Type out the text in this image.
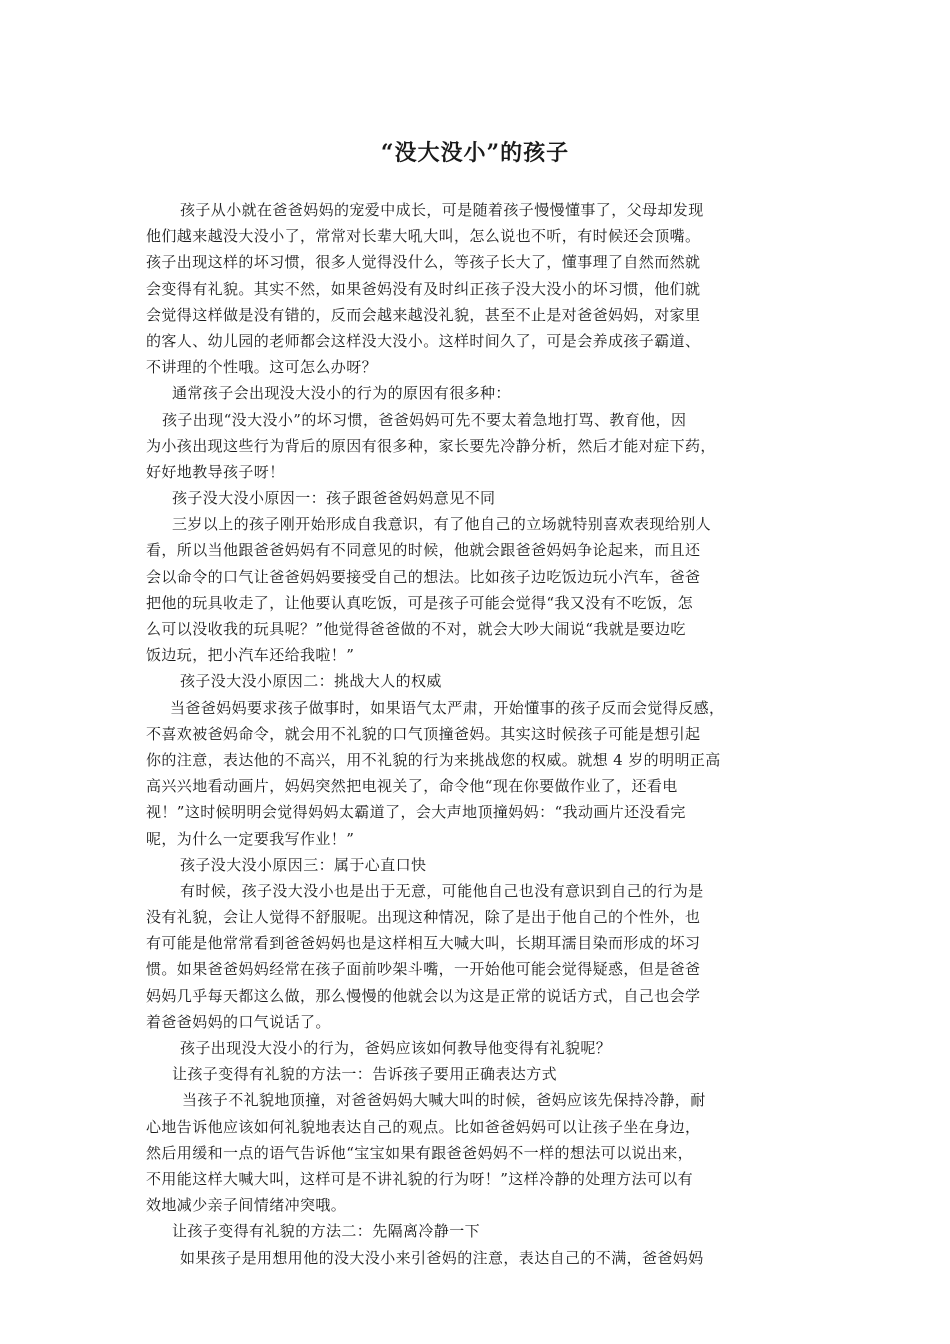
“没大没小”的孩子
孩子从小就在爸爸妈妈的宠爱中成长，可是随着孩子慢慢懂事了，父母却发现
他们越来越没大没小了，常常对长辈大吼大叫，怎么说也不听，有时候还会顶嘴。
孩子出现这样的坏习惯，很多人觉得没什么，等孩子长大了，懂事理了自然而然就
会变得有礼貌。其实不然，如果爸妈没有及时纠正孩子没大没小的坏习惯，他们就
会觉得这样做是没有错的，反而会越来越没礼貌，甚至不止是对爸爸妈妈，对家里
的客人、幼儿园的老师都会这样没大没小。这样时间久了，可是会养成孩子霸道、
不讲理的个性哦。这可怎么办呀？
通常孩子会出现没大没小的行为的原因有很多种：
孩子出现“没大没小”的坏习惯，爸爸妈妈可先不要太着急地打骂、教育他，因
为小孩出现这些行为背后的原因有很多种，家长要先冷静分析，然后才能对症下药，
好好地教导孩子呀！
孩子没大没小原因一：孩子跟爸爸妈妈意见不同
三岁以上的孩子刚开始形成自我意识，有了他自己的立场就特别喜欢表现给别人
看，所以当他跟爸爸妈妈有不同意见的时候，他就会跟爸爸妈妈争论起来，而且还
会以命令的口气让爸爸妈妈要接受自己的想法。比如孩子边吃饭边玩小汽车，爸爸
把他的玩具收走了，让他要认真吃饭，可是孩子可能会觉得“我又没有不吃饭，怎
么可以没收我的玩具呢？”他觉得爸爸做的不对，就会大吵大闹说“我就是要边吃
饭边玩，把小汽车还给我啦！”
孩子没大没小原因二：挑战大人的权威
当爸爸妈妈要求孩子做事时，如果语气太严肃，开始懂事的孩子反而会觉得反感，
不喜欢被爸妈命令，就会用不礼貌的口气顶撞爸妈。其实这时候孩子可能是想引起
你的注意，表达他的不高兴，用不礼貌的行为来挑战您的权威。就想 4 岁的明明正高
高兴兴地看动画片，妈妈突然把电视关了，命令他“现在你要做作业了，还看电
视！”这时候明明会觉得妈妈太霸道了，会大声地顶撞妈妈：“我动画片还没看完
呢，为什么一定要我写作业！”
孩子没大没小原因三：属于心直口快
有时候，孩子没大没小也是出于无意，可能他自己也没有意识到自己的行为是
没有礼貌，会让人觉得不舒服呢。出现这种情况，除了是出于他自己的个性外，也
有可能是他常常看到爸爸妈妈也是这样相互大喊大叫，长期耳濡目染而形成的坏习
惯。如果爸爸妈妈经常在孩子面前吵架斗嘴，一开始他可能会觉得疑惑，但是爸爸
妈妈几乎每天都这么做，那么慢慢的他就会以为这是正常的说话方式，自己也会学
着爸爸妈妈的口气说话了。
孩子出现没大没小的行为，爸妈应该如何教导他变得有礼貌呢？
让孩子变得有礼貌的方法一：告诉孩子要用正确表达方式
当孩子不礼貌地顶撞，对爸爸妈妈大喊大叫的时候，爸妈应该先保持冷静，耐
心地告诉他应该如何礼貌地表达自己的观点。比如爸爸妈妈可以让孩子坐在身边，
然后用缓和一点的语气告诉他“宝宝如果有跟爸爸妈妈不一样的想法可以说出来，
不用能这样大喊大叫，这样可是不讲礼貌的行为呀！”这样冷静的处理方法可以有
效地减少亲子间情绪冲突哦。
让孩子变得有礼貌的方法二：先隔离冷静一下
如果孩子是用想用他的没大没小来引爸妈的注意，表达自己的不满，爸爸妈妈
